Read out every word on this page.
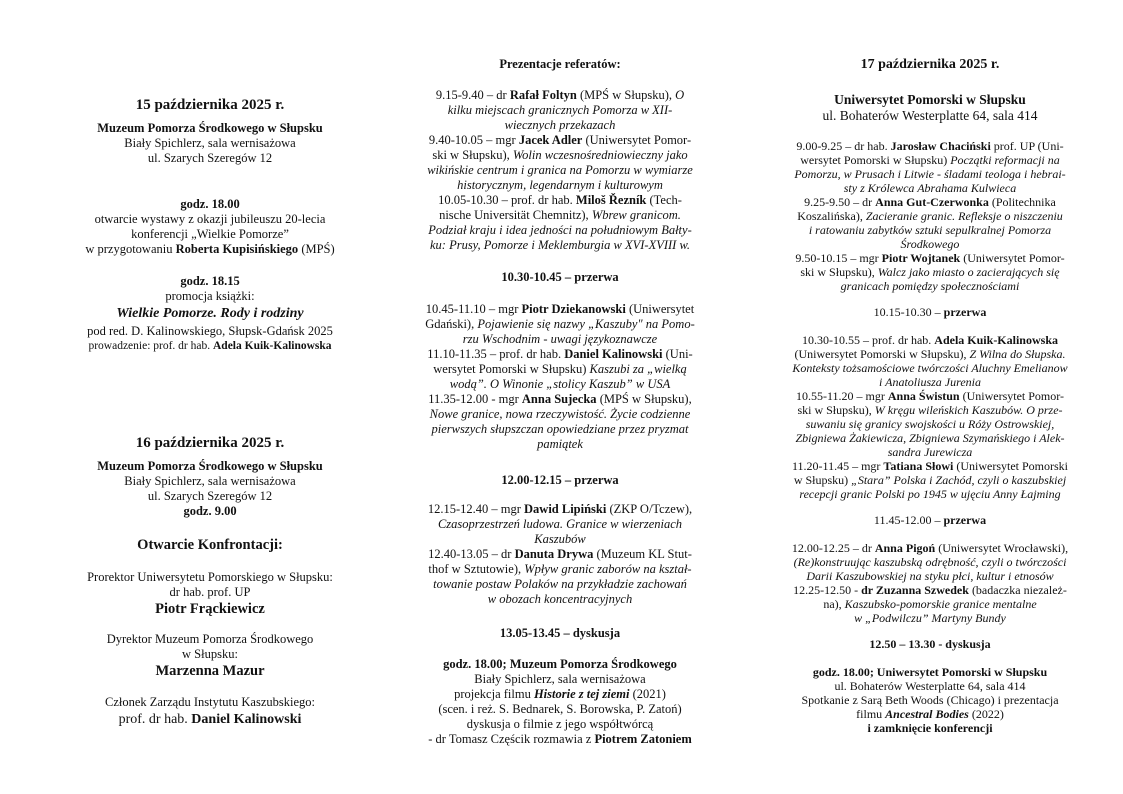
15 października 2025 r.
Muzeum Pomorza Środkowego w Słupsku
Biały Spichlerz, sala wernisażowa
ul. Szarych Szeregów 12
godz. 18.00
otwarcie wystawy z okazji jubileuszu 20-lecia
konferencji „Wielkie Pomorze”
w przygotowaniu Roberta Kupisińskiego (MPŚ)
godz. 18.15
promocja książki:
Wielkie Pomorze. Rody i rodziny
pod red. D. Kalinowskiego, Słupsk-Gdańsk 2025
prowadzenie: prof. dr hab. Adela Kuik-Kalinowska
16 października 2025 r.
Muzeum Pomorza Środkowego w Słupsku
Biały Spichlerz, sala wernisażowa
ul. Szarych Szeregów 12
godz. 9.00
Otwarcie Konfrontacji:
Prorektor Uniwersytetu Pomorskiego w Słupsku:
dr hab. prof. UP
Piotr Frąckiewicz
Dyrektor Muzeum Pomorza Środkowego
w Słupsku:
Marzenna Mazur
Członek Zarządu Instytutu Kaszubskiego:
prof. dr hab. Daniel Kalinowski
Prezentacje referatów:
9.15-9.40 – dr Rafał Foltyn (MPŚ w Słupsku), O
kilku miejscach granicznych Pomorza w XII-
wiecznych przekazach
9.40-10.05 – mgr Jacek Adler (Uniwersytet Pomor-
ski w Słupsku), Wolin wczesnośredniowieczny jako
wikińskie centrum i granica na Pomorzu w wymiarze
historycznym, legendarnym i kulturowym
10.05-10.30 – prof. dr hab. Miloš Řezník (Tech-
nische Universität Chemnitz), Wbrew granicom.
Podział kraju i idea jedności na południowym Bałty-
ku: Prusy, Pomorze i Meklemburgia w XVI-XVIII w.
10.30-10.45 – przerwa
10.45-11.10 – mgr Piotr Dziekanowski (Uniwersytet
Gdański), Pojawienie się nazwy „Kaszuby" na Pomo-
rzu Wschodnim - uwagi językoznawcze
11.10-11.35 – prof. dr hab. Daniel Kalinowski (Uni-
wersytet Pomorski w Słupsku) Kaszubi za „wielką
wodą”. O Winonie „stolicy Kaszub” w USA
11.35-12.00 - mgr Anna Sujecka (MPŚ w Słupsku),
Nowe granice, nowa rzeczywistość. Życie codzienne
pierwszych słupszczan opowiedziane przez pryzmat
pamiątek
12.00-12.15 – przerwa
12.15-12.40 – mgr Dawid Lipiński (ZKP O/Tczew),
Czasoprzestrzeń ludowa. Granice w wierzeniach
Kaszubów
12.40-13.05 – dr Danuta Drywa (Muzeum KL Stut-
thof w Sztutowie), Wpływ granic zaborów na kształ-
towanie postaw Polaków na przykładzie zachowań
w obozach koncentracyjnych
13.05-13.45 – dyskusja
godz. 18.00; Muzeum Pomorza Środkowego
Biały Spichlerz, sala wernisażowa
projekcja filmu Historie z tej ziemi (2021)
(scen. i reż. S. Bednarek, S. Borowska, P. Zatoń)
dyskusja o filmie z jego współtwórcą
- dr Tomasz Częścik rozmawia z Piotrem Zatoniem
17 października 2025 r.
Uniwersytet Pomorski w Słupsku
ul. Bohaterów Westerplatte 64, sala 414
9.00-9.25 – dr hab. Jarosław Chaciński prof. UP (Uni-
wersytet Pomorski w Słupsku) Początki reformacji na
Pomorzu, w Prusach i Litwie - śladami teologa i hebrai-
sty z Królewca Abrahama Kulwieca
9.25-9.50 – dr Anna Gut-Czerwonka (Politechnika
Koszalińska), Zacieranie granic. Refleksje o niszczeniu
i ratowaniu zabytków sztuki sepulkralnej Pomorza
Środkowego
9.50-10.15 – mgr Piotr Wojtanek (Uniwersytet Pomor-
ski w Słupsku), Walcz jako miasto o zacierających się
granicach pomiędzy społecznościami
10.15-10.30 – przerwa
10.30-10.55 – prof. dr hab. Adela Kuik-Kalinowska
(Uniwersytet Pomorski w Słupsku), Z Wilna do Słupska.
Konteksty tożsamościowe twórczości Aluchny Emelianow
i Anatoliusza Jurenia
10.55-11.20 – mgr Anna Świstun (Uniwersytet Pomor-
ski w Słupsku), W kręgu wileńskich Kaszubów. O prze-
suwaniu się granicy swojskości u Róży Ostrowskiej,
Zbigniewa Żakiewicza, Zbigniewa Szymańskiego i Alek-
sandra Jurewicza
11.20-11.45 – mgr Tatiana Słowi (Uniwersytet Pomorski
w Słupsku) „Stara” Polska i Zachód, czyli o kaszubskiej
recepcji granic Polski po 1945 w ujęciu Anny Łajming
11.45-12.00 – przerwa
12.00-12.25 – dr Anna Pigoń (Uniwersytet Wrocławski),
(Re)konstruując kaszubską odrębność, czyli o twórczości
Darii Kaszubowskiej na styku płci, kultur i etnosów
12.25-12.50 - dr Zuzanna Szwedek (badaczka niezależ-
na), Kaszubsko-pomorskie granice mentalne
w „Podwilczu” Martyny Bundy
12.50 – 13.30 - dyskusja
godz. 18.00; Uniwersytet Pomorski w Słupsku
ul. Bohaterów Westerplatte 64, sala 414
Spotkanie z Sarą Beth Woods (Chicago) i prezentacja
filmu Ancestral Bodies (2022)
i zamknięcie konferencji
